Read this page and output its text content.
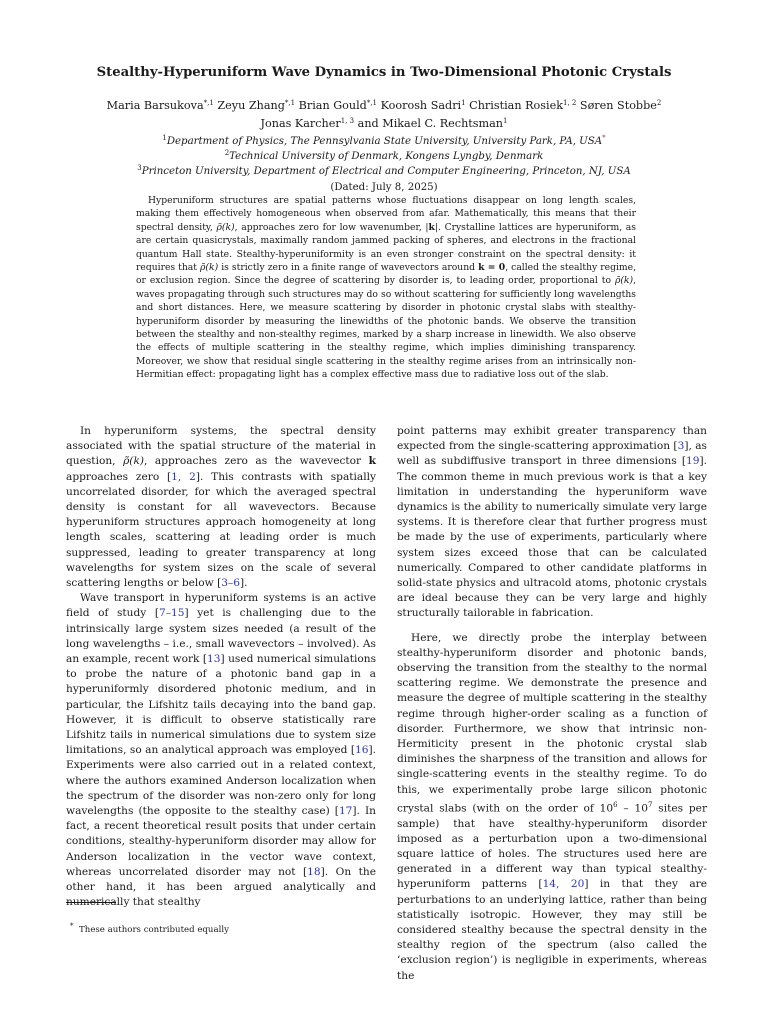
Stealthy-Hyperuniform Wave Dynamics in Two-Dimensional Photonic Crystals
Maria Barsukova$^{*,1}$ Zeyu Zhang$^{*,1}$ Brian Gould$^{*,1}$ Koorosh Sadri$^1$ Christian Rosiek$^{1, 2}$ Søren Stobbe$^2$ Jonas Karcher$^{1, 3}$ and Mikael C. Rechtsman$^1$
$^1$Department of Physics, The Pennsylvania State University, University Park, PA, USA*
$^2$Technical University of Denmark, Kongens Lyngby, Denmark
$^3$Princeton University, Department of Electrical and Computer Engineering, Princeton, NJ, USA
(Dated: July 8, 2025)

Hyperuniform structures are spatial patterns whose fluctuations disappear on long length scales, making them effectively homogeneous when observed from afar. Mathematically, this means that their spectral density, ρ̃(k), approaches zero for low wavenumber, |k|. Crystalline lattices are hyperuniform, as are certain quasicrystals, maximally random jammed packing of spheres, and electrons in the fractional quantum Hall state. Stealthy-hyperuniformity is an even stronger constraint on the spectral density: it requires that ρ̃(k) is strictly zero in a finite range of wavevectors around k = 0, called the stealthy regime, or exclusion region. Since the degree of scattering by disorder is, to leading order, proportional to ρ̃(k), waves propagating through such structures may do so without scattering for sufficiently long wavelengths and short distances. Here, we measure scattering by disorder in photonic crystal slabs with stealthy-hyperuniform disorder by measuring the linewidths of the photonic bands. We observe the transition between the stealthy and non-stealthy regimes, marked by a sharp increase in linewidth. We also observe the effects of multiple scattering in the stealthy regime, which implies diminishing transparency. Moreover, we show that residual single scattering in the stealthy regime arises from an intrinsically non-Hermitian effect: propagating light has a complex effective mass due to radiative loss out of the slab.

In hyperuniform systems, the spectral density associated with the spatial structure of the material in question, ρ̃(k), approaches zero as the wavevector k approaches zero [1, 2]. This contrasts with spatially uncorrelated disorder, for which the averaged spectral density is constant for all wavevectors. Because hyperuniform structures approach homogeneity at long length scales, scattering at leading order is much suppressed, leading to greater transparency at long wavelengths for system sizes on the scale of several scattering lengths or below [3–6].

Wave transport in hyperuniform systems is an active field of study [7–15] yet is challenging due to the intrinsically large system sizes needed (a result of the long wavelengths – i.e., small wavevectors – involved). As an example, recent work [13] used numerical simulations to probe the nature of a photonic band gap in a hyperuniformly disordered photonic medium, and in particular, the Lifshitz tails decaying into the band gap. However, it is difficult to observe statistically rare Lifshitz tails in numerical simulations due to system size limitations, so an analytical approach was employed [16]. Experiments were also carried out in a related context, where the authors examined Anderson localization when the spectrum of the disorder was non-zero only for long wavelengths (the opposite to the stealthy case) [17]. In fact, a recent theoretical result posits that under certain conditions, stealthy-hyperuniform disorder may allow for Anderson localization in the vector wave context, whereas uncorrelated disorder may not [18]. On the other hand, it has been argued analytically and numerically that stealthy

point patterns may exhibit greater transparency than expected from the single-scattering approximation [3], as well as subdiffusive transport in three dimensions [19]. The common theme in much previous work is that a key limitation in understanding the hyperuniform wave dynamics is the ability to numerically simulate very large systems. It is therefore clear that further progress must be made by the use of experiments, particularly where system sizes exceed those that can be calculated numerically. Compared to other candidate platforms in solid-state physics and ultracold atoms, photonic crystals are ideal because they can be very large and highly structurally tailorable in fabrication.

Here, we directly probe the interplay between stealthy-hyperuniform disorder and photonic bands, observing the transition from the stealthy to the normal scattering regime. We demonstrate the presence and measure the degree of multiple scattering in the stealthy regime through higher-order scaling as a function of disorder. Furthermore, we show that intrinsic non-Hermiticity present in the photonic crystal slab diminishes the sharpness of the transition and allows for single-scattering events in the stealthy regime. To do this, we experimentally probe large silicon photonic crystal slabs (with on the order of $10^6 - 10^7$ sites per sample) that have stealthy-hyperuniform disorder imposed as a perturbation upon a two-dimensional square lattice of holes. The structures used here are generated in a different way than typical stealthy-hyperuniform patterns [14, 20] in that they are perturbations to an underlying lattice, rather than being statistically isotropic. However, they may still be considered stealthy because the spectral density in the stealthy region of the spectrum (also called the ‘exclusion region’) is negligible in experiments, whereas the

* These authors contributed equally
